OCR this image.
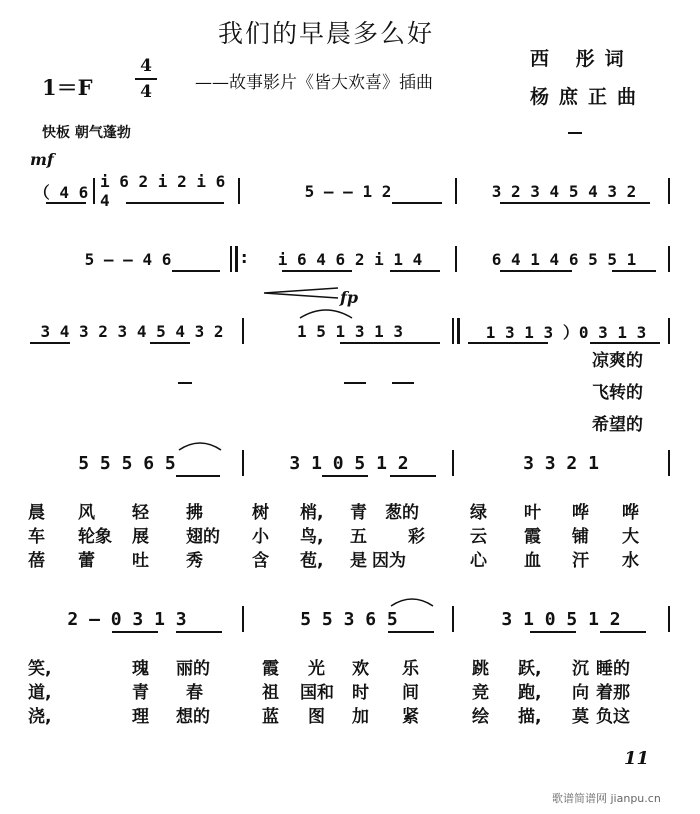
我们的早晨多么好
1＝F
4
4	——故事影片《皆大欢喜》插曲
西 彤词
杨庶正曲
快板 朝气蓬勃
mf
（ 4 6
i 6 2 i 2 i 6 4	5 — — 1 2	3 2 3 4 5 4 3 2
5 — — 4 6	:	i 6 4 6 2 i 1 4	6 4 1 4 6 5 5 1
fp
3 4 3 2 3 4 5 4 3 2	1 5 1 3 1 3	1 3 1 3 ）0 3 1 3
凉爽的
飞转的
希望的
5 5 5 6 5	3 1 0 5 1 2	3 3 2 1
晨 风 轻 拂	树 梢, 青 葱的	绿 叶 哗 哗
车 轮象 展 翅的 小 鸟, 五 彩	云 霞 铺 大
蓓 蕾 吐 秀	含 苞, 是 因为	心 血 汗 水
2 — 0 3 1 3	5 5 3 6 5	3 1 0 5 1 2
笑,	瑰 丽的	霞 光 欢 乐	跳 跃, 沉 睡的
道,	青 春	祖 国和 时 间	竞 跑, 向 着那
浇,	理 想的	蓝 图 加 紧	绘 描, 莫 负这
11
歌谱简谱网 jianpu.cn
